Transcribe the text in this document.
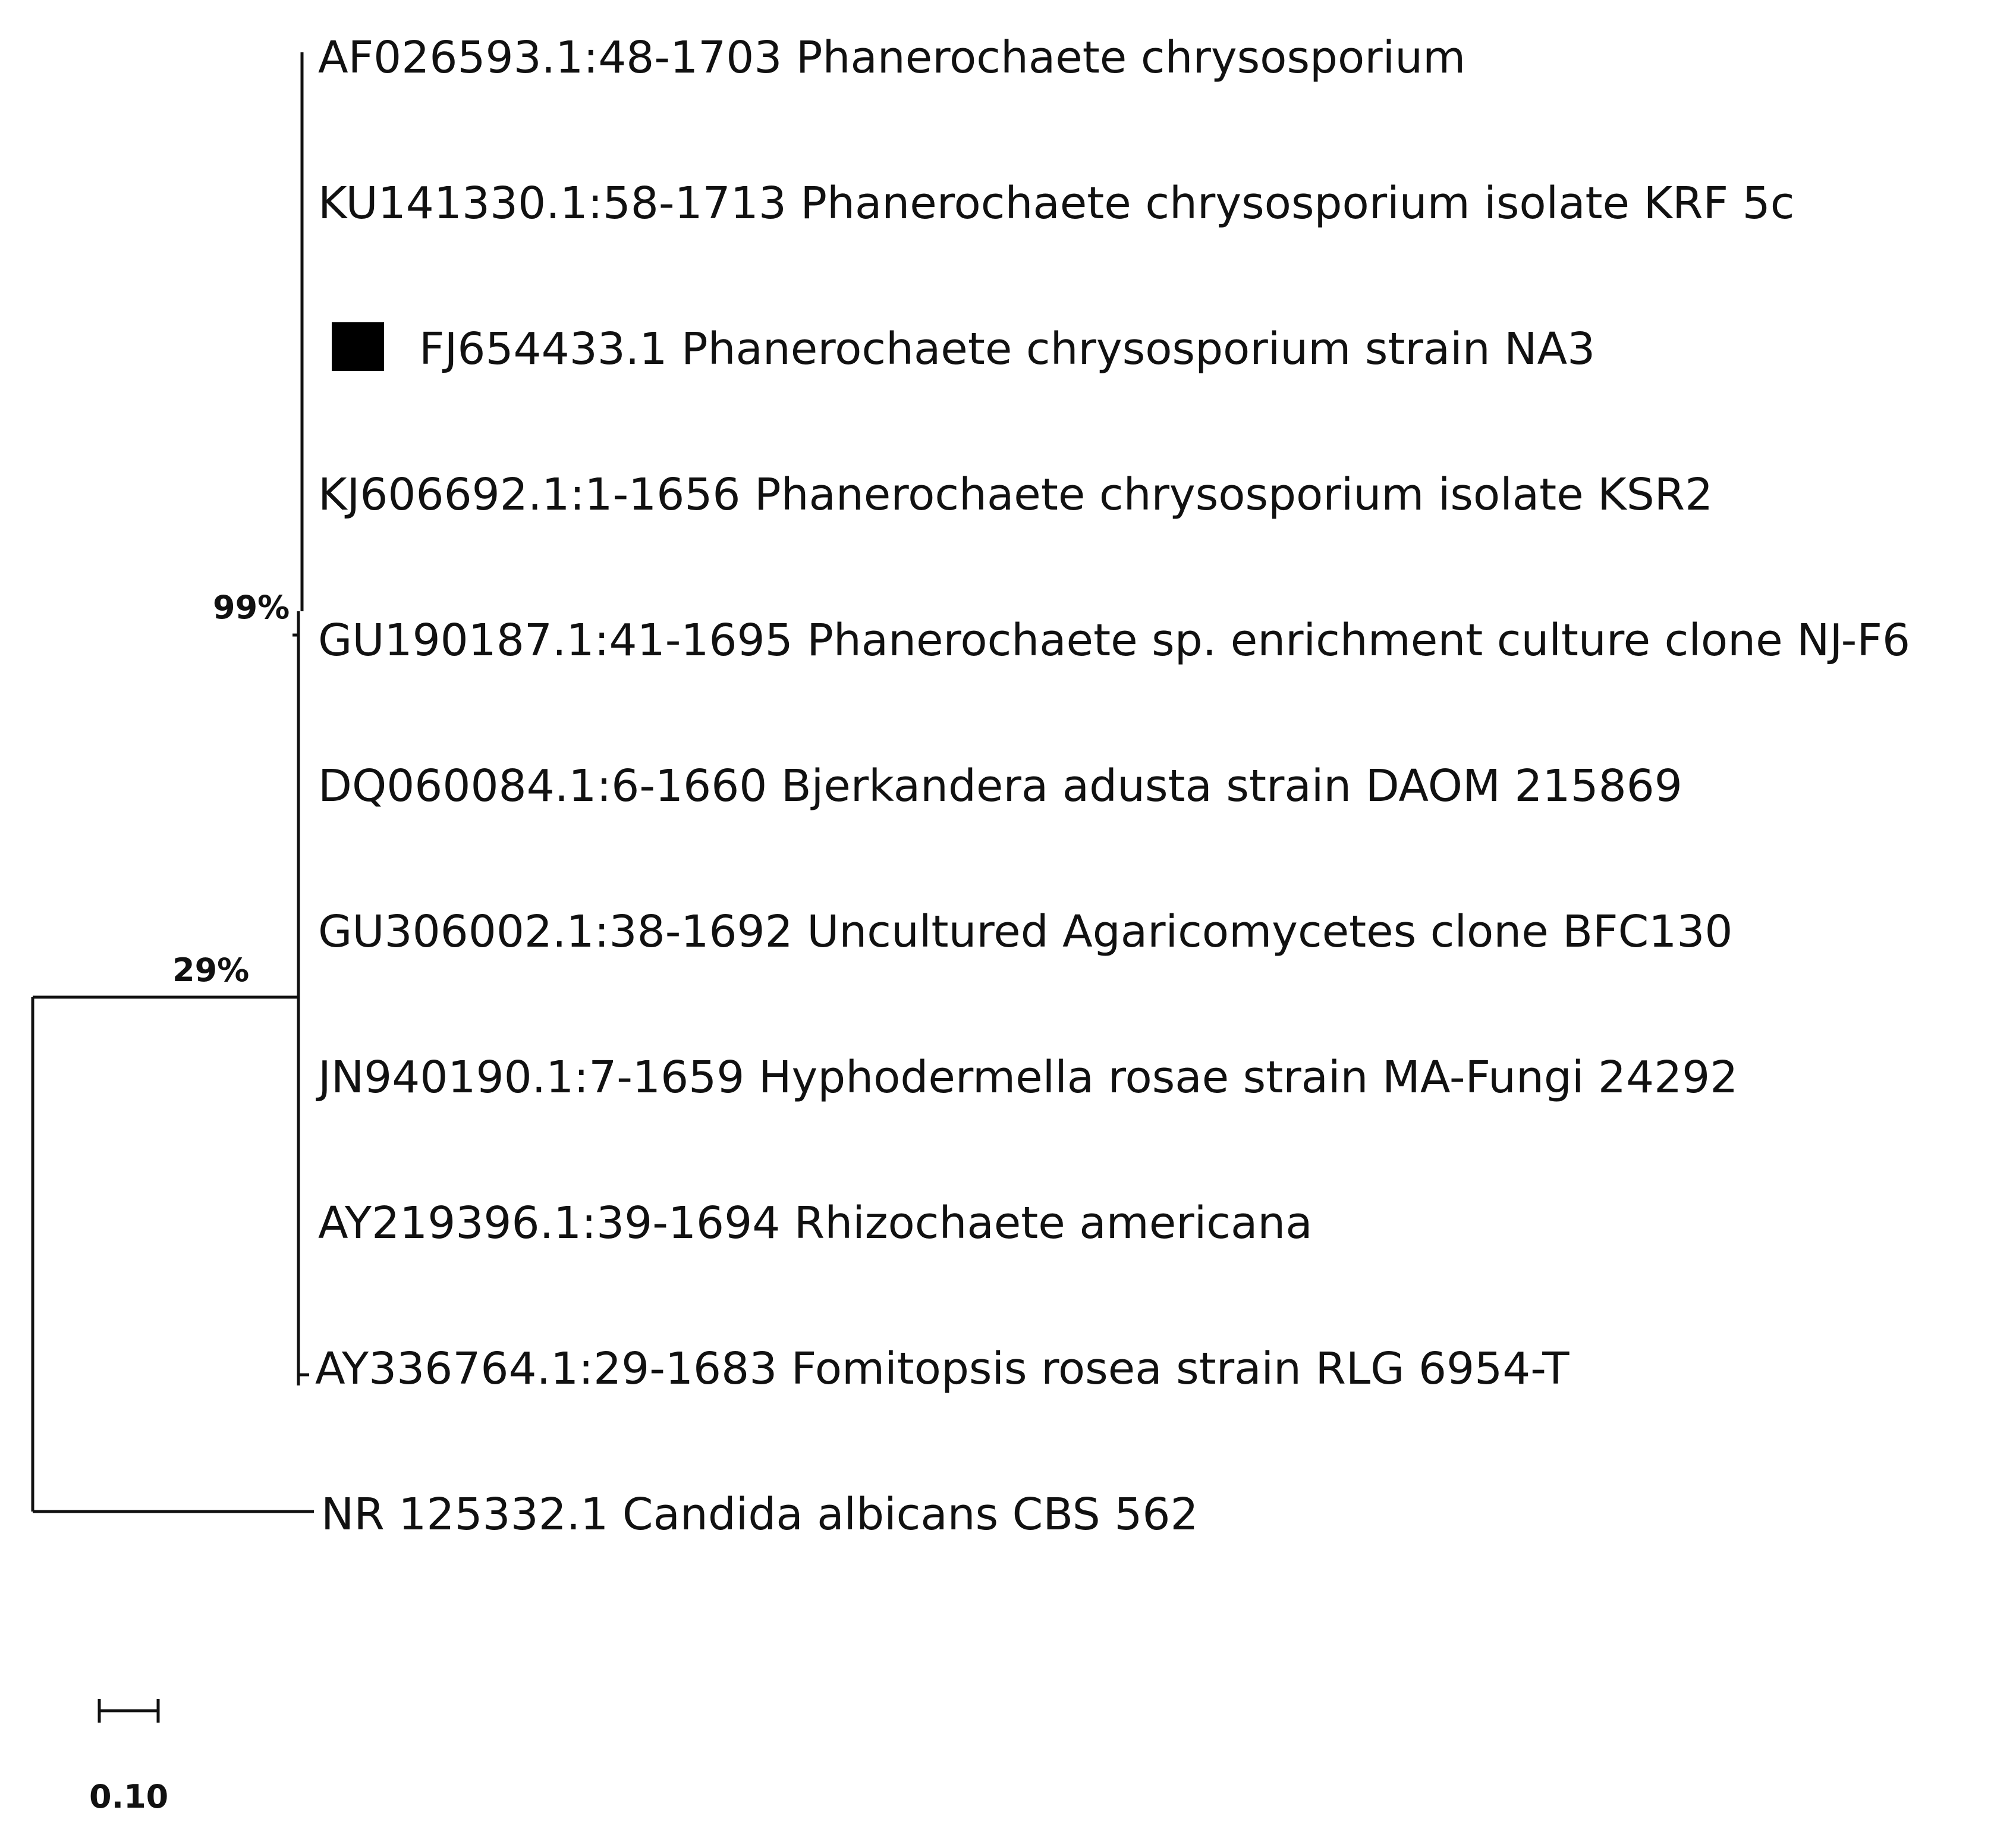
AF026593.1:48-1703 Phanerochaete chrysosporium
KU141330.1:58-1713 Phanerochaete chrysosporium isolate KRF 5c
FJ654433.1 Phanerochaete chrysosporium strain NA3
KJ606692.1:1-1656 Phanerochaete chrysosporium isolate KSR2
GU190187.1:41-1695 Phanerochaete sp. enrichment culture clone NJ-F6
DQ060084.1:6-1660 Bjerkandera adusta strain DAOM 215869
GU306002.1:38-1692 Uncultured Agaricomycetes clone BFC130
JN940190.1:7-1659 Hyphodermella rosae strain MA-Fungi 24292
AY219396.1:39-1694 Rhizochaete americana
AY336764.1:29-1683 Fomitopsis rosea strain RLG 6954-T
NR 125332.1 Candida albicans CBS 562
99%
29%
0.10
